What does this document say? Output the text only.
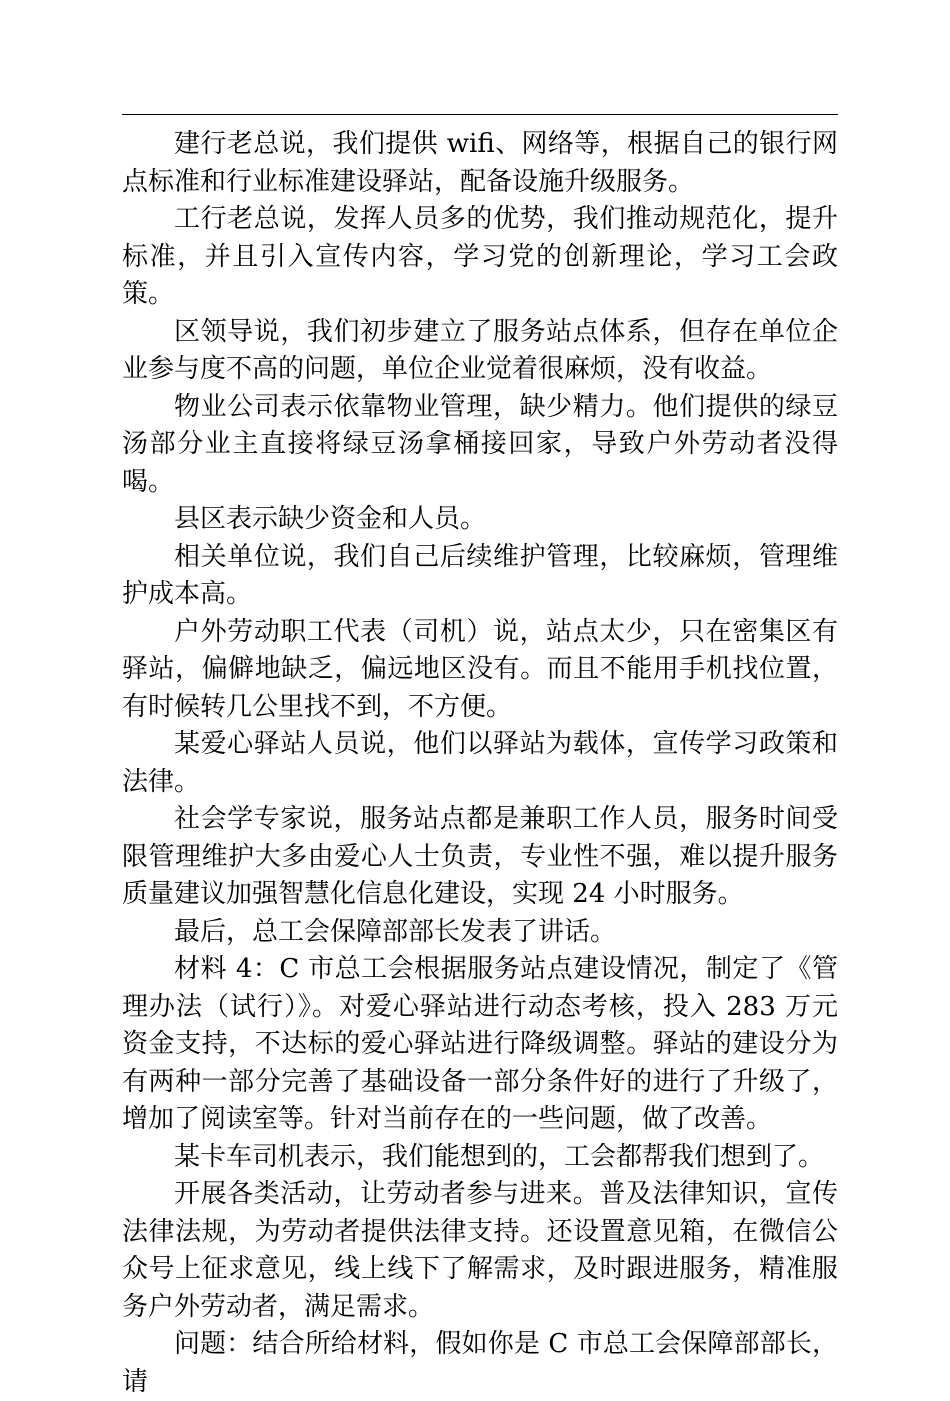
建行老总说，我们提供 wifi、网络等，根据自己的银行网点标准和行业标准建设驿站，配备设施升级服务。

工行老总说，发挥人员多的优势，我们推动规范化，提升标准，并且引入宣传内容，学习党的创新理论，学习工会政策。

区领导说，我们初步建立了服务站点体系，但存在单位企业参与度不高的问题，单位企业觉着很麻烦，没有收益。

物业公司表示依靠物业管理，缺少精力。他们提供的绿豆汤部分业主直接将绿豆汤拿桶接回家，导致户外劳动者没得喝。

县区表示缺少资金和人员。

相关单位说，我们自己后续维护管理，比较麻烦，管理维护成本高。

户外劳动职工代表（司机）说，站点太少，只在密集区有驿站，偏僻地缺乏，偏远地区没有。而且不能用手机找位置，有时候转几公里找不到，不方便。

某爱心驿站人员说，他们以驿站为载体，宣传学习政策和法律。

社会学专家说，服务站点都是兼职工作人员，服务时间受限管理维护大多由爱心人士负责，专业性不强，难以提升服务质量建议加强智慧化信息化建设，实现 24 小时服务。

最后，总工会保障部部长发表了讲话。

材料 4：C 市总工会根据服务站点建设情况，制定了《管理办法（试行）》。对爱心驿站进行动态考核，投入 283 万元资金支持，不达标的爱心驿站进行降级调整。驿站的建设分为有两种一部分完善了基础设备一部分条件好的进行了升级了，增加了阅读室等。针对当前存在的一些问题，做了改善。

某卡车司机表示，我们能想到的，工会都帮我们想到了。

开展各类活动，让劳动者参与进来。普及法律知识，宣传法律法规，为劳动者提供法律支持。还设置意见箱，在微信公众号上征求意见，线上线下了解需求，及时跟进服务，精准服务户外劳动者，满足需求。

问题：结合所给材料，假如你是 C 市总工会保障部部长，请
